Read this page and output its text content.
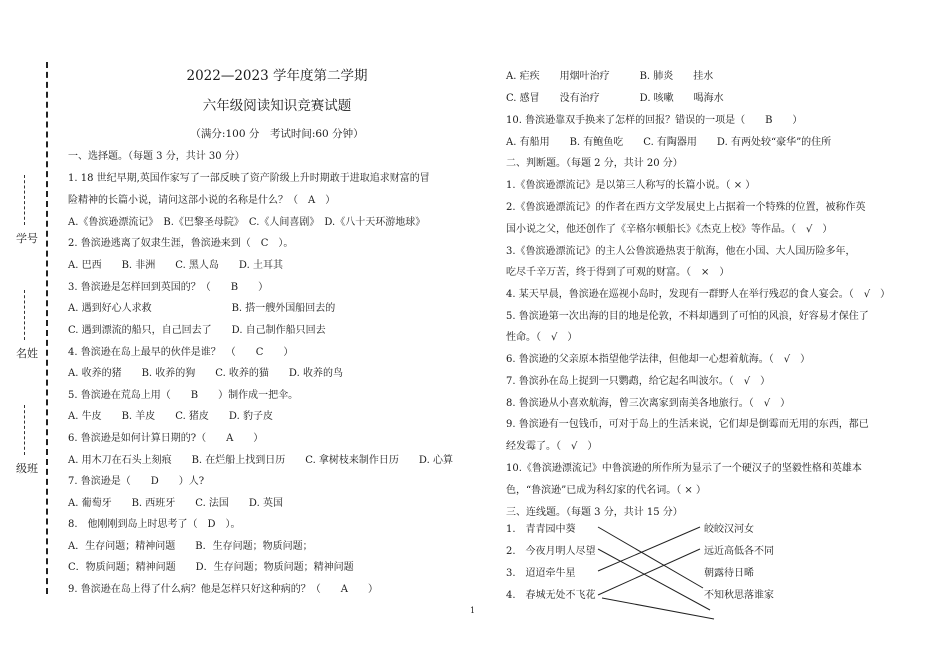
学号
名姓
级班
2022—2023 学年度第二学期
六年级阅读知识竞赛试题
（满分:100 分　考试时间:60 分钟）
一、选择题。（每题 3 分，共计 30 分）
1. 18 世纪早期,英国作家写了一部反映了资产阶级上升时期敢于进取追求财富的冒
险精神的长篇小说，请问这部小说的名称是什么？（　A　）
A.《鲁滨逊漂流记》　B.《巴黎圣母院》　C.《人间喜剧》　D.《八十天环游地球》
2. 鲁滨逊逃离了奴隶生涯，鲁滨逊来到（　C　）。
A. 巴西　　B. 非洲　　C. 黑人岛　　D. 土耳其
3. 鲁滨逊是怎样回到英国的？（　　B　　）
A. 遇到好心人求救　　　　　　　　B. 搭一艘外国船回去的
C. 遇到漂流的船只，自己回去了　　D. 自己制作船只回去
4. 鲁滨逊在岛上最早的伙伴是谁？　（　　C　　）
A. 收养的猪　　B. 收养的狗　　C. 收养的猫　　D. 收养的鸟
5. 鲁滨逊在荒岛上用（　　B　　）制作成一把伞。
A. 牛皮　　B. 羊皮　　C. 猪皮　　D. 豹子皮
6. 鲁滨逊是如何计算日期的?（　　A　　）
A. 用木刀在石头上刻痕　　B. 在烂船上找到日历　　C. 拿树枝来制作日历　　D. 心算
7. 鲁滨逊是（　　D　　）人?
A. 葡萄牙　　B. 西班牙　　C. 法国　　D. 英国
8.　他刚刚到岛上时思考了（　D　）。
A．生存问题；精神问题　　B．生存问题；物质问题；
C．物质问题；精神问题　　D．生存问题；物质问题；精神问题
9. 鲁滨逊在岛上得了什么病？他是怎样只好这种病的？（　　A　　）
A. 疟疾　　用烟叶治疗　　　B. 肺炎　　挂水
C. 感冒　　没有治疗　　　　D. 咳嗽　　喝海水
10. 鲁滨逊靠双手换来了怎样的回报？错误的一项是（　　B　　）
A. 有船用　　B. 有鲍鱼吃　　C. 有陶器用　　D. 有两处较“豪华”的住所
二、判断题。（每题 2 分，共计 20 分）
1.《鲁滨逊漂流记》是以第三人称写的长篇小说。（ × ）
2.《鲁滨逊漂流记》的作者在西方文学发展史上占据着一个特殊的位置，被称作英
国小说之父，他还创作了《辛格尔顿船长》《杰克上校》等作品。（　√　）
3.《鲁滨逊漂流记》的主人公鲁滨逊热衷于航海，他在小国、大人国历险多年，
吃尽千辛万苦，终于得到了可观的财富。（　×　）
4. 某天早晨，鲁滨逊在巡视小岛时，发现有一群野人在举行残忍的食人宴会。（　√　）
5. 鲁滨逊第一次出海的目的地是伦敦，不料却遇到了可怕的风浪，好容易才保住了
性命。（　√　）
6. 鲁滨逊的父亲原本指望他学法律，但他却一心想着航海。（　√　）
7. 鲁滨孙在岛上捉到一只鹦鹉，给它起名叫波尔。（　√　）
8. 鲁滨逊从小喜欢航海，曾三次离家到南美各地旅行。（　√　）
9. 鲁滨逊有一包钱币，可对于岛上的生活来说，它们却是倒霉而无用的东西，都已
经发霉了。（　√　）
10.《鲁滨逊漂流记》中鲁滨逊的所作所为显示了一个硬汉子的坚毅性格和英雄本
色，“鲁滨逊”已成为科幻家的代名词。（ × ）
三、连线题。（每题 3 分，共计 15 分）
1.　青青园中葵
2.　今夜月明人尽望
3.　迢迢牵牛星
4.　春城无处不飞花
皎皎汉河女
远近高低各不同
朝露待日晞
不知秋思落谁家
1
